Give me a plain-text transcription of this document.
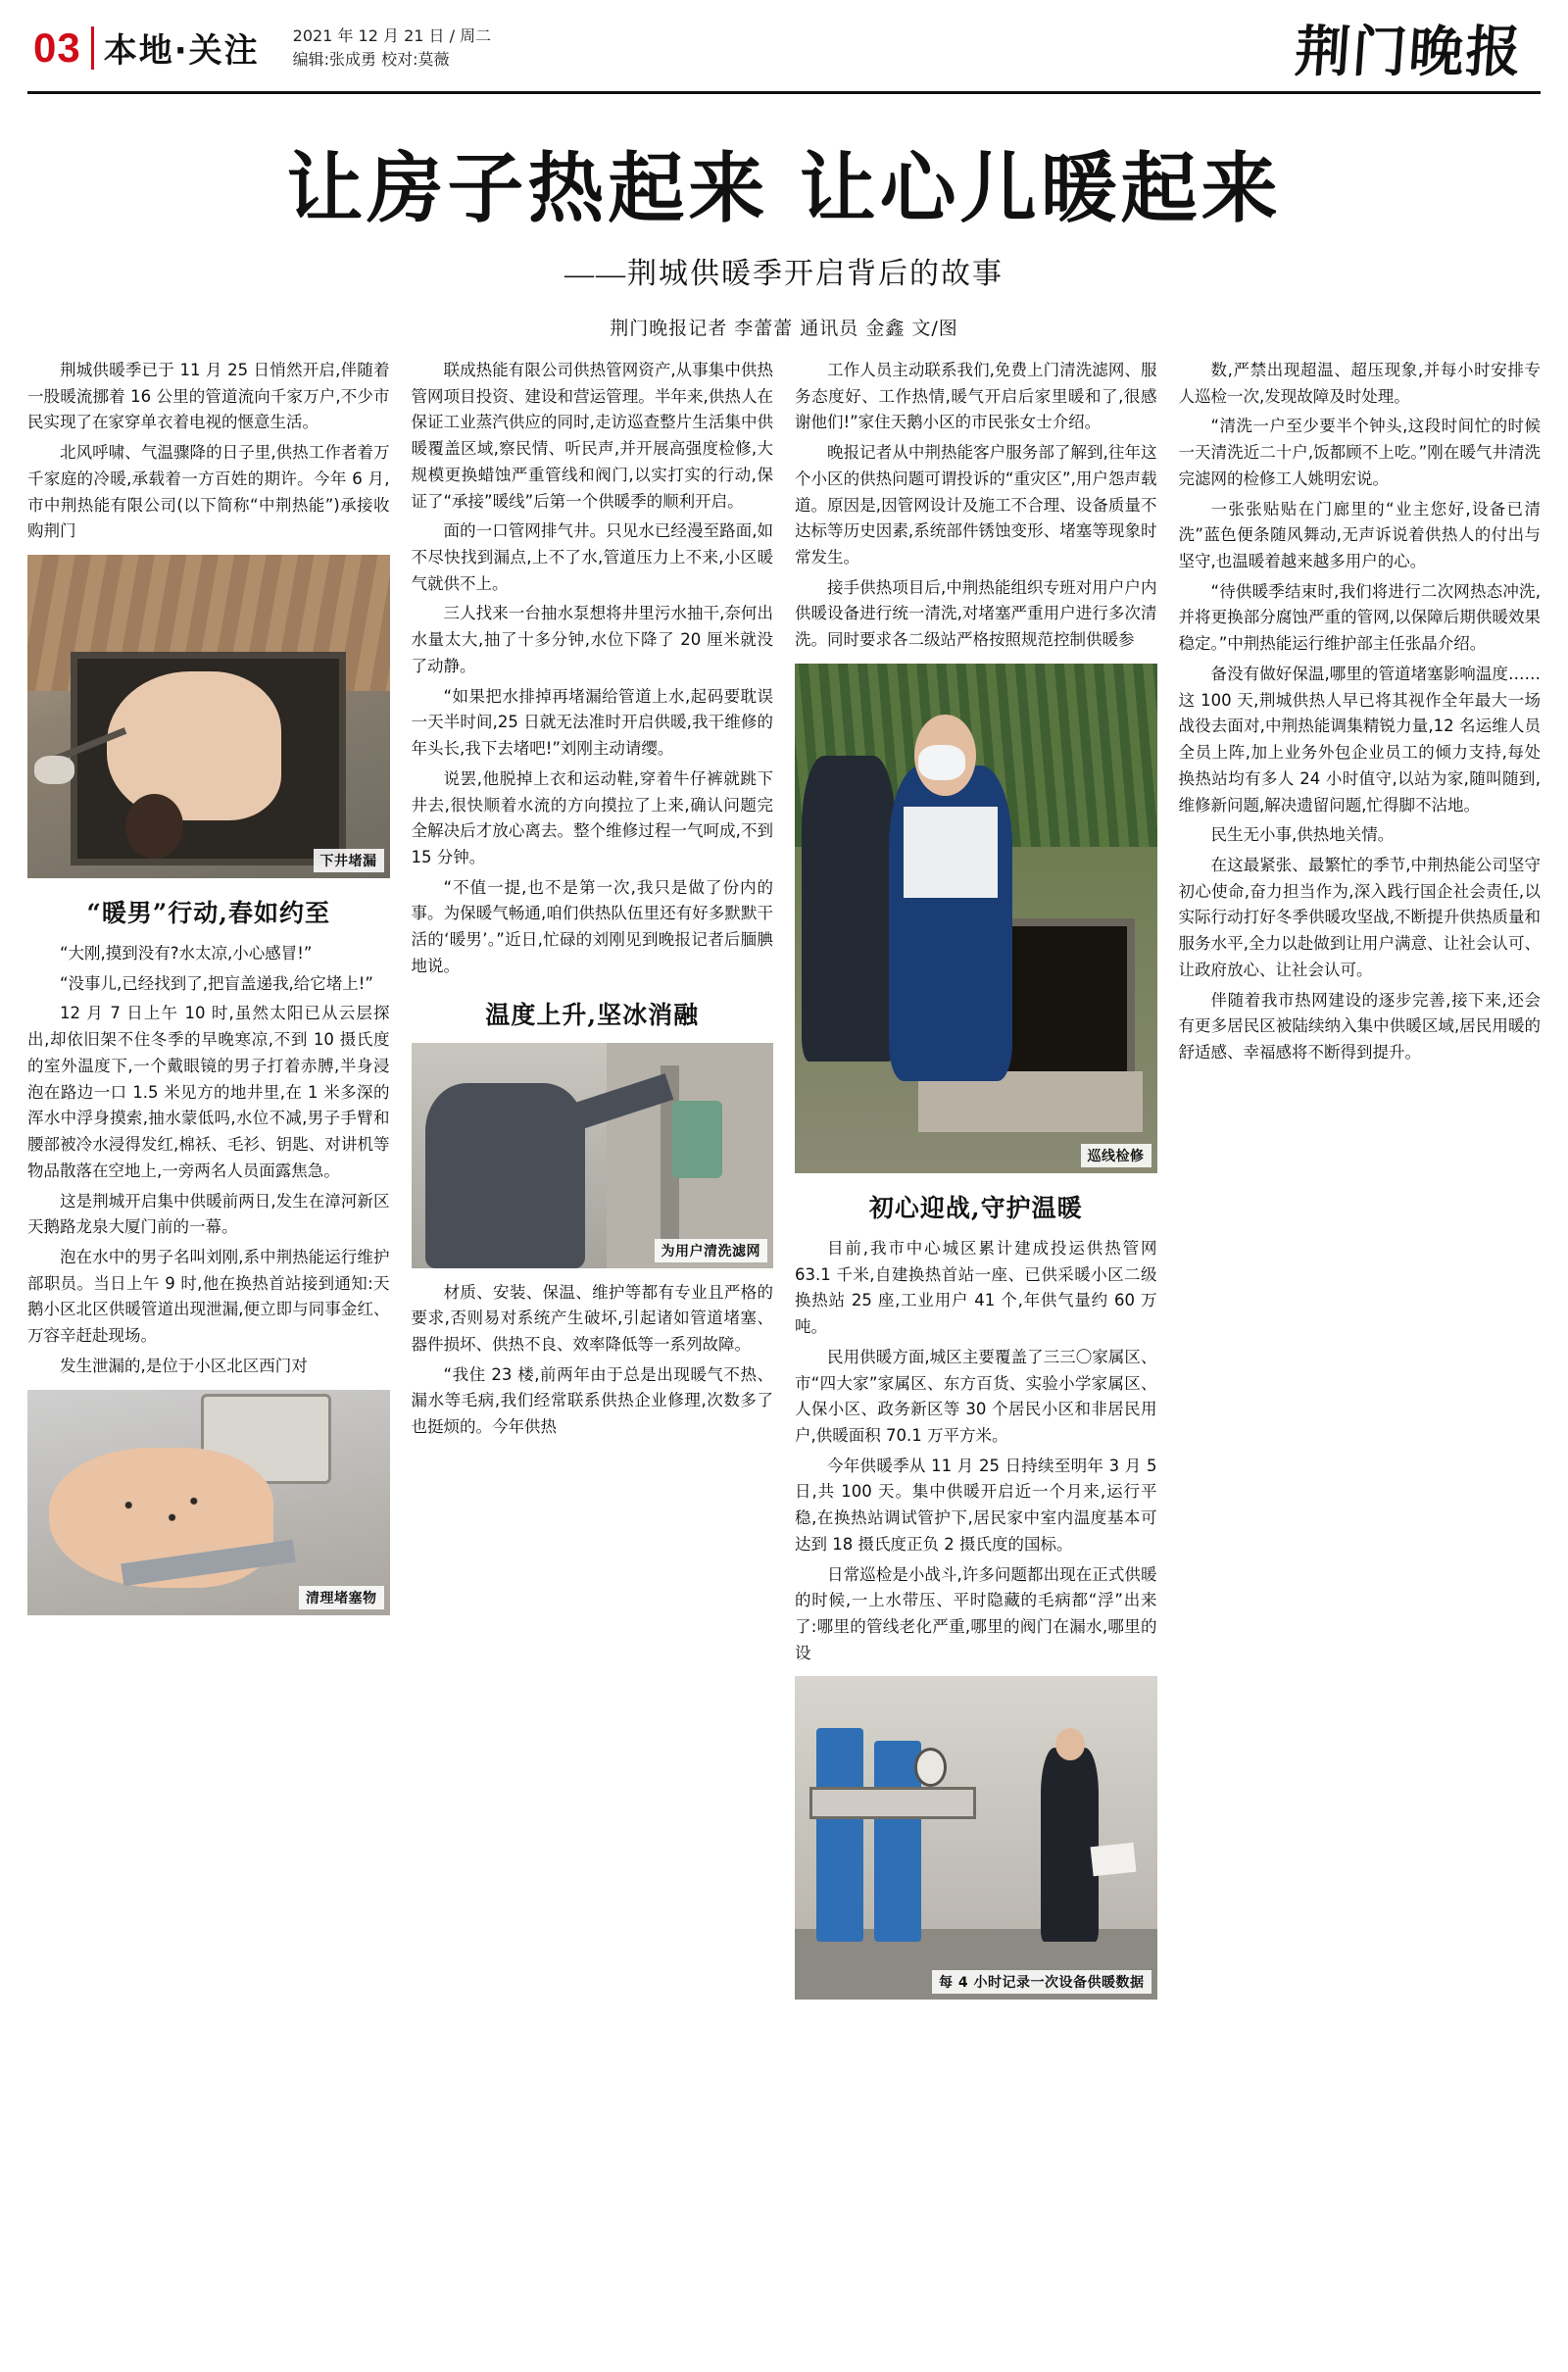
03 本地·关注 2021 年 12 月 21 日 / 周二
编辑:张成勇 校对:莫薇	荆门晚报
让房子热起来 让心儿暖起来
——荆城供暖季开启背后的故事
荆门晚报记者 李蕾蕾 通讯员 金鑫 文/图

荆城供暖季已于 11 月 25 日悄然开启,伴随着一股暖流挪着 16 公里的管道流向千家万户,不少市民实现了在家穿单衣着电视的惬意生活。

北风呼啸、气温骤降的日子里,供热工作者着万千家庭的冷暖,承载着一方百姓的期许。今年 6 月,市中荆热能有限公司(以下简称“中荆热能”)承接收购荆门

下井堵漏
“暖男”行动,春如约至

“大刚,摸到没有?水太凉,小心感冒!”

“没事儿,已经找到了,把盲盖递我,给它堵上!”

12 月 7 日上午 10 时,虽然太阳已从云层探出,却依旧架不住冬季的早晚寒凉,不到 10 摄氏度的室外温度下,一个戴眼镜的男子打着赤膊,半身浸泡在路边一口 1.5 米见方的地井里,在 1 米多深的浑水中浮身摸索,抽水蒙低吗,水位不减,男子手臂和腰部被冷水浸得发红,棉袄、毛衫、钥匙、对讲机等物品散落在空地上,一旁两名人员面露焦急。

这是荆城开启集中供暖前两日,发生在漳河新区天鹅路龙泉大厦门前的一幕。

泡在水中的男子名叫刘刚,系中荆热能运行维护部职员。当日上午 9 时,他在换热首站接到通知:天鹅小区北区供暖管道出现泄漏,便立即与同事金红、万容辛赶赴现场。

发生泄漏的,是位于小区北区西门对

清理堵塞物

联成热能有限公司供热管网资产,从事集中供热管网项目投资、建设和营运管理。半年来,供热人在保证工业蒸汽供应的同时,走访巡查整片生活集中供暖覆盖区域,察民情、听民声,并开展高强度检修,大规模更换蜡蚀严重管线和阀门,以实打实的行动,保证了“承接”暖线”后第一个供暖季的顺利开启。

面的一口管网排气井。只见水已经漫至路面,如不尽快找到漏点,上不了水,管道压力上不来,小区暖气就供不上。

三人找来一台抽水泵想将井里污水抽干,奈何出水量太大,抽了十多分钟,水位下降了 20 厘米就没了动静。

“如果把水排掉再堵漏给管道上水,起码要耽误一天半时间,25 日就无法准时开启供暖,我干维修的年头长,我下去堵吧!”刘刚主动请缨。

说罢,他脱掉上衣和运动鞋,穿着牛仔裤就跳下井去,很快顺着水流的方向摸拉了上来,确认问题完全解决后才放心离去。整个维修过程一气呵成,不到 15 分钟。

“不值一提,也不是第一次,我只是做了份内的事。为保暖气畅通,咱们供热队伍里还有好多默默干活的‘暖男’。”近日,忙碌的刘刚见到晚报记者后腼腆地说。

温度上升,坚冰消融
为用户清洗滤网

材质、安装、保温、维护等都有专业且严格的要求,否则易对系统产生破坏,引起诸如管道堵塞、器件损坏、供热不良、效率降低等一系列故障。

“我住 23 楼,前两年由于总是出现暖气不热、漏水等毛病,我们经常联系供热企业修理,次数多了也挺烦的。今年供热

工作人员主动联系我们,免费上门清洗滤网、服务态度好、工作热情,暖气开启后家里暖和了,很感谢他们!”家住天鹅小区的市民张女士介绍。

晚报记者从中荆热能客户服务部了解到,往年这个小区的供热问题可谓投诉的“重灾区”,用户怨声载道。原因是,因管网设计及施工不合理、设备质量不达标等历史因素,系统部件锈蚀变形、堵塞等现象时常发生。

接手供热项目后,中荆热能组织专班对用户户内供暖设备进行统一清洗,对堵塞严重用户进行多次清洗。同时要求各二级站严格按照规范控制供暖参

巡线检修
初心迎战,守护温暖

目前,我市中心城区累计建成投运供热管网 63.1 千米,自建换热首站一座、已供采暖小区二级换热站 25 座,工业用户 41 个,年供气量约 60 万吨。

民用供暖方面,城区主要覆盖了三三〇家属区、市“四大家”家属区、东方百货、实验小学家属区、人保小区、政务新区等 30 个居民小区和非居民用户,供暖面积 70.1 万平方米。

今年供暖季从 11 月 25 日持续至明年 3 月 5 日,共 100 天。集中供暖开启近一个月来,运行平稳,在换热站调试管护下,居民家中室内温度基本可达到 18 摄氏度正负 2 摄氏度的国标。

日常巡检是小战斗,许多问题都出现在正式供暖的时候,一上水带压、平时隐藏的毛病都“浮”出来了:哪里的管线老化严重,哪里的阀门在漏水,哪里的设

每 4 小时记录一次设备供暖数据

数,严禁出现超温、超压现象,并每小时安排专人巡检一次,发现故障及时处理。

“清洗一户至少要半个钟头,这段时间忙的时候一天清洗近二十户,饭都顾不上吃。”刚在暖气井清洗完滤网的检修工人姚明宏说。

一张张贴贴在门廊里的“业主您好,设备已清洗”蓝色便条随风舞动,无声诉说着供热人的付出与坚守,也温暖着越来越多用户的心。

“待供暖季结束时,我们将进行二次网热态冲洗,并将更换部分腐蚀严重的管网,以保障后期供暖效果稳定。”中荆热能运行维护部主任张晶介绍。

备没有做好保温,哪里的管道堵塞影响温度……这 100 天,荆城供热人早已将其视作全年最大一场战役去面对,中荆热能调集精锐力量,12 名运维人员全员上阵,加上业务外包企业员工的倾力支持,每处换热站均有多人 24 小时值守,以站为家,随叫随到,维修新问题,解决遗留问题,忙得脚不沾地。

民生无小事,供热地关情。

在这最紧张、最繁忙的季节,中荆热能公司坚守初心使命,奋力担当作为,深入践行国企社会责任,以实际行动打好冬季供暖攻坚战,不断提升供热质量和服务水平,全力以赴做到让用户满意、让社会认可、让政府放心、让社会认可。

伴随着我市热网建设的逐步完善,接下来,还会有更多居民区被陆续纳入集中供暖区域,居民用暖的舒适感、幸福感将不断得到提升。
